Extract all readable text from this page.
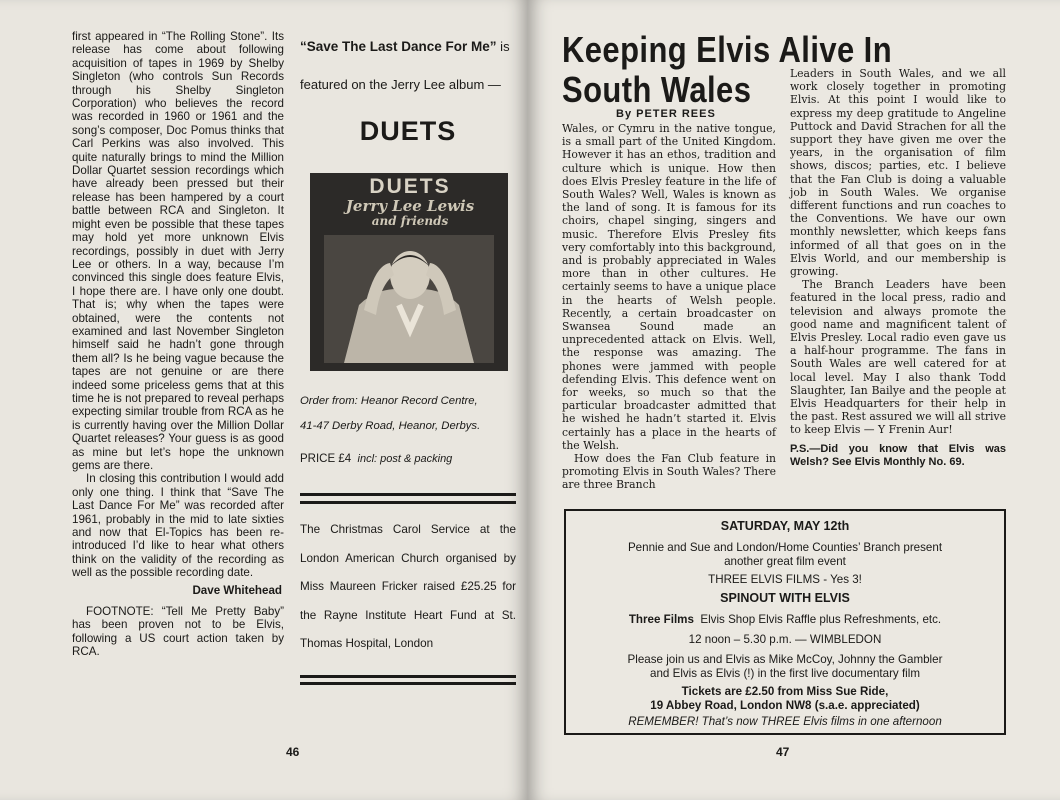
first appeared in “The Rolling Stone”. Its release has come about following acquisition of tapes in 1969 by Shelby Singleton (who controls Sun Records through his Shelby Singleton Corporation) who believes the record was recorded in 1960 or 1961 and the song’s composer, Doc Pomus thinks that Carl Perkins was also involved. This quite naturally brings to mind the Million Dollar Quartet session recordings which have already been pressed but their release has been hampered by a court battle between RCA and Singleton. It might even be possible that these tapes may hold yet more unknown Elvis recordings, possibly in duet with Jerry Lee or others. In a way, because I’m convinced this single does feature Elvis, I hope there are. I have only one doubt. That is; why when the tapes were obtained, were the contents not examined and last November Singleton himself said he hadn’t gone through them all? Is he being vague because the tapes are not genuine or are there indeed some priceless gems that at this time he is not prepared to reveal perhaps expecting similar trouble from RCA as he is currently having over the Million Dollar Quartet releases? Your guess is as good as mine but let’s hope the unknown gems are there.

In closing this contribution I would add only one thing. I think that “Save The Last Dance For Me” was recorded after 1961, probably in the mid to late sixties and now that El-Topics has been re-introduced I’d like to hear what others think on the validity of the recording as well as the possible recording date.

Dave Whitehead

FOOTNOTE: “Tell Me Pretty Baby” has been proven not to be Elvis, following a US court action taken by RCA.

“Save The Last Dance For Me” is featured on the Jerry Lee album —

DUETS
DUETS
Jerry Lee Lewis
and friends

Order from: Heanor Record Centre,
41-47 Derby Road, Heanor, Derbys.

PRICE £4 incl: post & packing

The Christmas Carol Service at the London American Church organised by Miss Maureen Fricker raised £25.25 for the Rayne Institute Heart Fund at St. Thomas Hospital, London

46
Keeping Elvis Alive In
South Wales
By PETER REES

Wales, or Cymru in the native tongue, is a small part of the United Kingdom. However it has an ethos, tradition and culture which is unique. How then does Elvis Presley feature in the life of South Wales? Well, Wales is known as the land of song. It is famous for its choirs, chapel singing, singers and music. Therefore Elvis Presley fits very comfortably into this background, and is probably appreciated in Wales more than in other cultures. He certainly seems to have a unique place in the hearts of Welsh people. Recently, a certain broadcaster on Swansea Sound made an unprecedented attack on Elvis. Well, the response was amazing. The phones were jammed with people defending Elvis. This defence went on for weeks, so much so that the particular broadcaster admitted that he wished he hadn’t started it. Elvis certainly has a place in the hearts of the Welsh.

How does the Fan Club feature in promoting Elvis in South Wales? There are three Branch

Leaders in South Wales, and we all work closely together in promoting Elvis. At this point I would like to express my deep gratitude to Angeline Puttock and David Strachen for all the support they have given me over the years, in the organisation of film shows, discos; parties, etc. I believe that the Fan Club is doing a valuable job in South Wales. We organise different functions and run coaches to the Conventions. We have our own monthly newsletter, which keeps fans informed of all that goes on in the Elvis World, and our membership is growing.

The Branch Leaders have been featured in the local press, radio and television and always promote the good name and magnificent talent of Elvis Presley. Local radio even gave us a half-hour programme. The fans in South Wales are well catered for at local level. May I also thank Todd Slaughter, Ian Bailye and the people at Elvis Headquarters for their help in the past. Rest assured we will all strive to keep Elvis — Y Frenin Aur!

P.S.—Did you know that Elvis was Welsh? See Elvis Monthly No. 69.

SATURDAY, MAY 12th
Pennie and Sue and London/Home Counties’ Branch present
another great film event
THREE ELVIS FILMS - Yes 3!
SPINOUT WITH ELVIS
Three Films Elvis Shop Elvis Raffle plus Refreshments, etc.
12 noon – 5.30 p.m. — WIMBLEDON
Please join us and Elvis as Mike McCoy, Johnny the Gambler
and Elvis as Elvis (!) in the first live documentary film
Tickets are £2.50 from Miss Sue Ride,
19 Abbey Road, London NW8 (s.a.e. appreciated)
REMEMBER! That’s now THREE Elvis films in one afternoon
47
